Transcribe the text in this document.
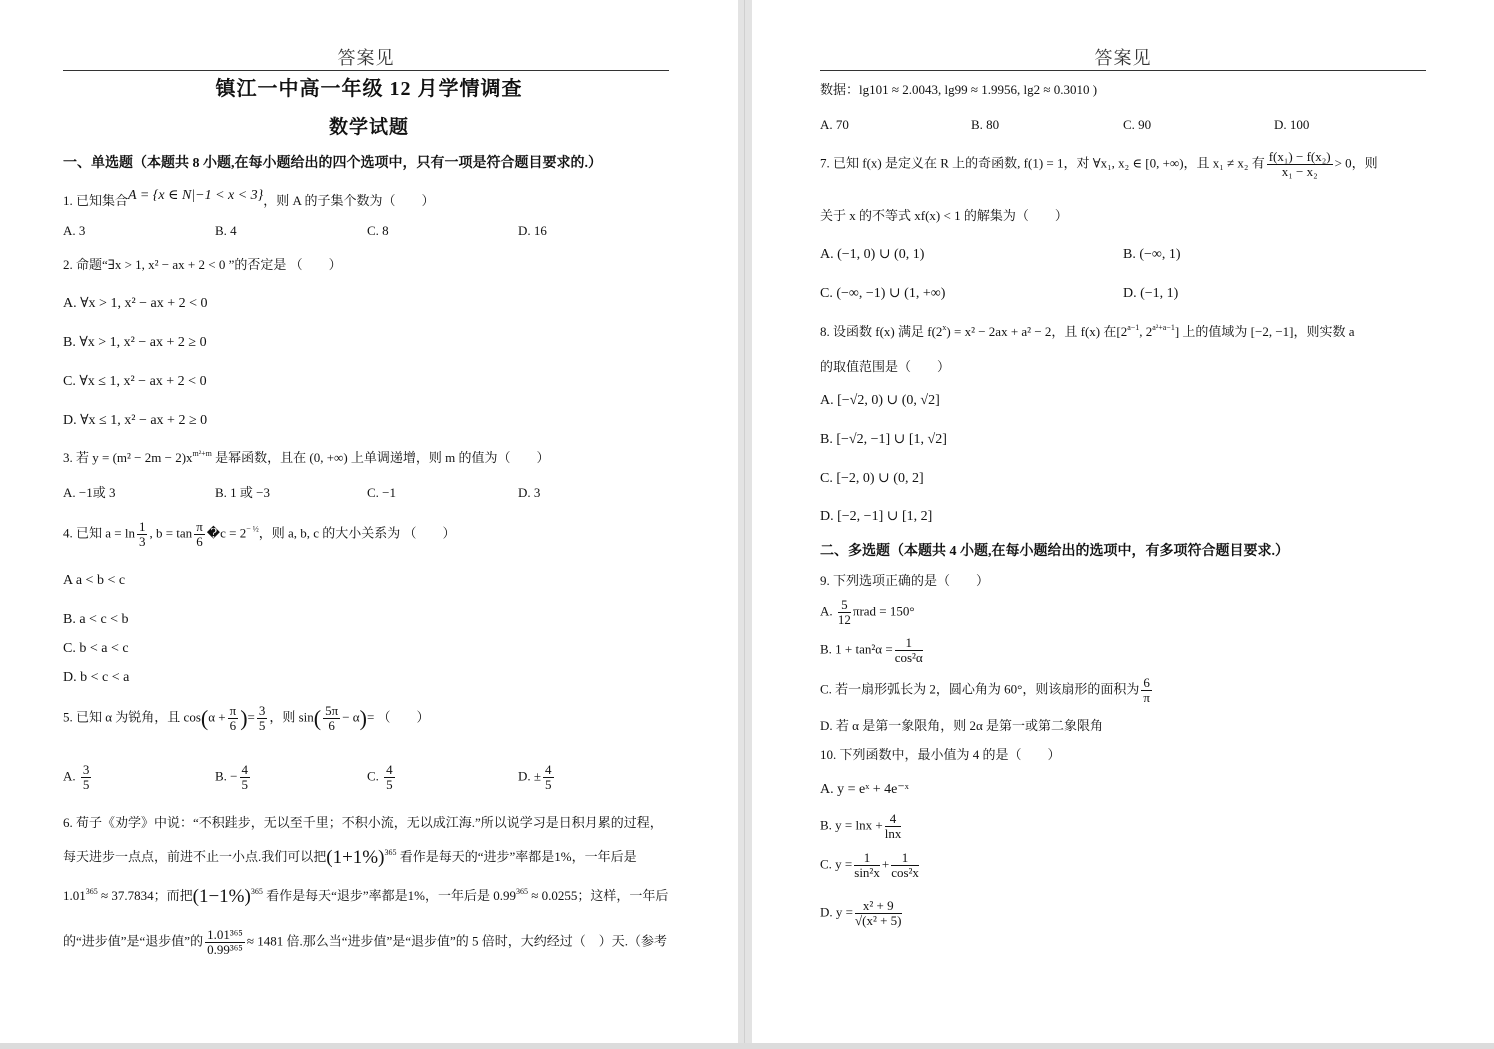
答案见
镇江一中高一年级 12 月学情调查
数学试题
一、单选题（本题共 8 小题,在每小题给出的四个选项中，只有一项是符合题目要求的.）
1. 已知集合A = {x ∈ N|−1 < x < 3}，则 A 的子集个数为（　　）
A. 3	B. 4	C. 8	D. 16
2. 命题“∃x > 1, x² − ax + 2 < 0 ”的否定是 （　　）
A. ∀x > 1, x² − ax + 2 < 0
B. ∀x > 1, x² − ax + 2 ≥ 0
C. ∀x ≤ 1, x² − ax + 2 < 0
D. ∀x ≤ 1, x² − ax + 2 ≥ 0
3. 若 $y = (m^2 - 2m - 2)x^{m^2+m}$ 是幂函数，且在 (0, +∞) 上单调递增，则 m 的值为（　　）
A. −1或 3	B. 1 或 −3	C. −1	D. 3
4. 已知 $a = \ln \frac{1}{3}$ , $b = \tan \frac{\pi}{6}$ �c = $2^{- \frac{1}{2}}$，则 a, b, c 的大小关系为 （　　）
A a < b < c
B. a < c < b
C. b < a < c
D. b < c < a
5. 已知 α 为锐角，且 $\cos(\alpha + \frac{\pi}{6}$ )= $\frac{3}{5}$ ，则 $\sin( \frac{5\pi}{6} - \alpha)=$ （　　）
A. $\frac{3}{5}$	B. − $\frac{4}{5}$	C. $\frac{4}{5}$	D. ± $\frac{4}{5}$
6. 荀子《劝学》中说：“不积跬步，无以至千里；不积小流，无以成江海.”所以说学习是日积月累的过程，
每天进步一点点，前进不止一小点.我们可以把$(1+1\%)^{365}$ 看作是每天的“进步”率都是1%，一年后是
$1.01^{365} \approx 37.7834$；而把$(1-1\%)^{365}$ 看作是每天“退步”率都是1%，一年后是 $0.99^{365} \approx 0.0255$；这样，一年后
的“进步值”是“退步值”的 $\frac{\text{1.01³⁶⁵}}{\text{0.99³⁶⁵}} \approx 1481$ 倍.那么当“进步值”是“退步值”的 5 倍时，大约经过（　）天.（参考
答案见
数据：lg101 ≈ 2.0043, lg99 ≈ 1.9956, lg2 ≈ 0.3010 )
A. 70	B. 80	C. 90	D. 100
7. 已知 f(x) 是定义在 R 上的奇函数, f(1) = 1，对 ∀x₁, x₂ ∈ [0, +∞)，且 x₁ ≠ x₂ 有 $\frac{\text{f(x₁) − f(x₂)}}{\text{x₁ − x₂}} > 0$，则
关于 x 的不等式 xf(x) < 1 的解集为（　　）
A. (−1, 0) ∪ (0, 1)	B. (−∞, 1)
C. (−∞, −1) ∪ (1, +∞)	D. (−1, 1)
8. 设函数 f(x) 满足 $f(2^x) = x^2 - 2ax + a^2 - 2$，且 f(x) 在[$2^{a-1}$, $2^{a^2+a-1}$] 上的值域为 [−2, −1]，则实数 a
的取值范围是（　　）
A. [−√2, 0) ∪ (0, √2]
B. [−√2, −1] ∪ [1, √2]
C. [−2, 0) ∪ (0, 2]
D. [−2, −1] ∪ [1, 2]
二、多选题（本题共 4 小题,在每小题给出的选项中，有多项符合题目要求.）
9. 下列选项正确的是（　　）
A. $\frac{5}{12}$ πrad = 150°
B. $1 + \tan^2\alpha = \frac{1}{\text{cos²α}}$
C. 若一扇形弧长为 2，圆心角为 60°，则该扇形的面积为 $\frac{6}{\pi}$
D. 若 α 是第一象限角，则 2α 是第一或第二象限角
10. 下列函数中，最小值为 4 的是（　　）
A. y = eˣ + 4e⁻ˣ
B. $y = \ln x + \frac{4}{\ln x}$
C. $y = \frac{1}{\text{sin²x}} + \frac{1}{\text{cos²x}}$
D. $y = \frac{\text{x² + 9}}{\text{√(x² + 5)}}$
